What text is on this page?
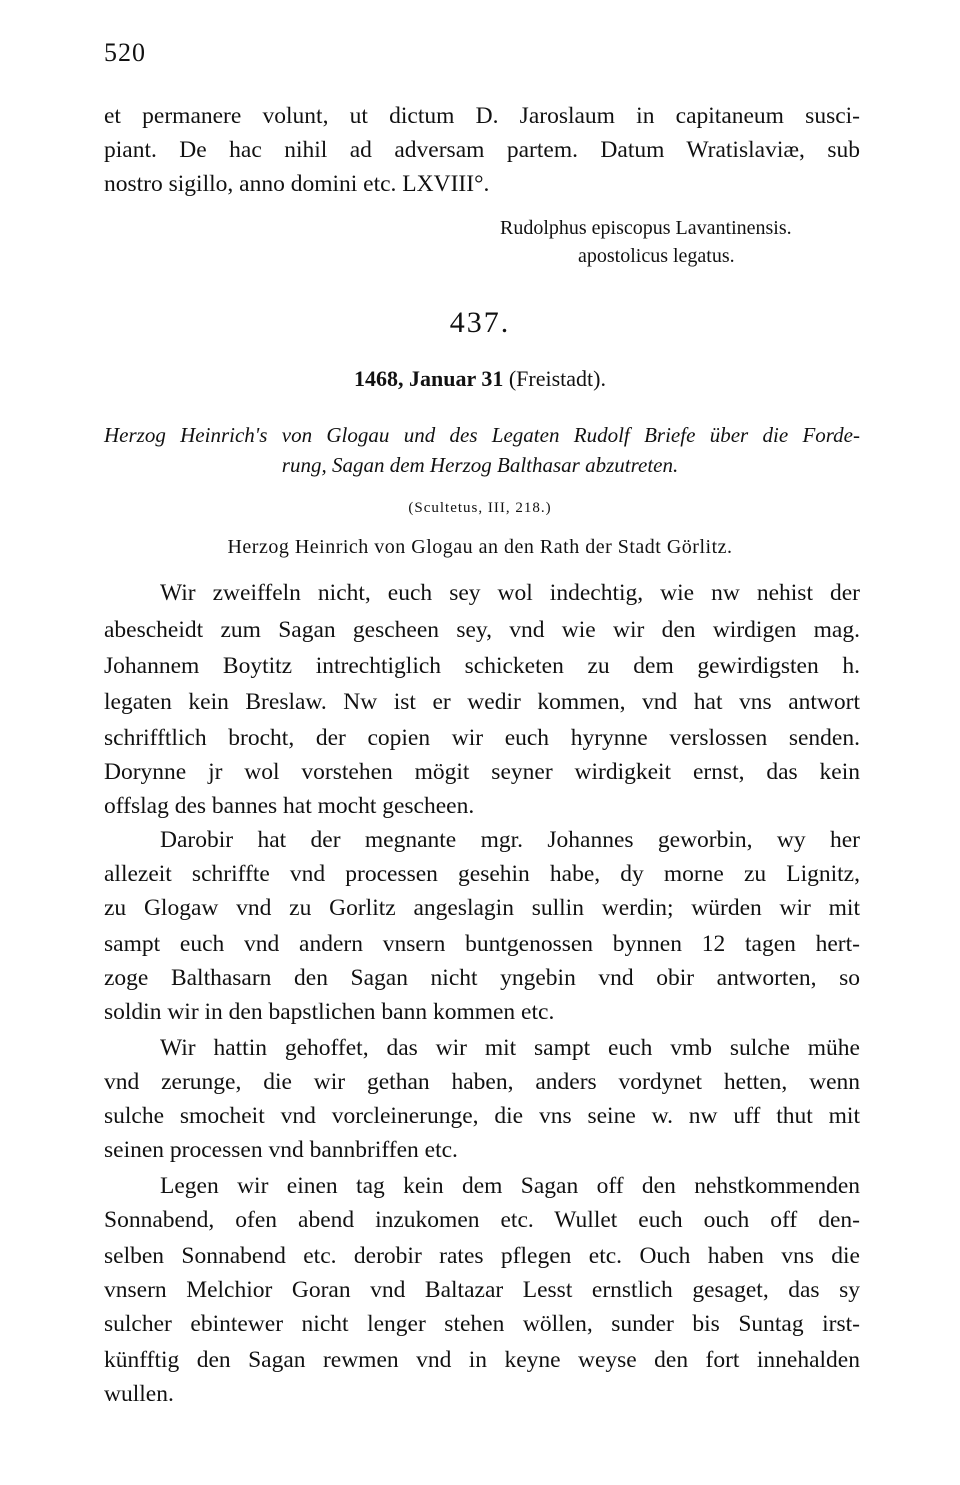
520
et permanere volunt, ut dictum D. Jaroslaum in capitaneum susci-
piant. De hac nihil ad adversam partem. Datum Wratislaviæ, sub
nostro sigillo, anno domini etc. LXVIII°.
Rudolphus episcopus Lavantinensis.
apostolicus legatus.
437.
1468, Januar 31 (Freistadt).
Herzog Heinrich's von Glogau und des Legaten Rudolf Briefe über die Forde-
rung, Sagan dem Herzog Balthasar abzutreten.
(Scultetus, III, 218.)
Herzog Heinrich von Glogau an den Rath der Stadt Görlitz.
Wir zweiffeln nicht, euch sey wol indechtig, wie nw nehist der
abescheidt zum Sagan gescheen sey, vnd wie wir den wirdigen mag.
Johannem Boytitz intrechtiglich schicketen zu dem gewirdigsten h.
legaten kein Breslaw. Nw ist er wedir kommen, vnd hat vns antwort
schrifftlich brocht, der copien wir euch hyrynne verslossen senden.
Dorynne jr wol vorstehen mögit seyner wirdigkeit ernst, das kein
offslag des bannes hat mocht gescheen.
Darobir hat der megnante mgr. Johannes geworbin, wy her
allezeit schriffte vnd processen gesehin habe, dy morne zu Lignitz,
zu Glogaw vnd zu Gorlitz angeslagin sullin werdin; würden wir mit
sampt euch vnd andern vnsern buntgenossen bynnen 12 tagen hert-
zoge Balthasarn den Sagan nicht yngebin vnd obir antworten, so
soldin wir in den bapstlichen bann kommen etc.
Wir hattin gehoffet, das wir mit sampt euch vmb sulche mühe
vnd zerunge, die wir gethan haben, anders vordynet hetten, wenn
sulche smocheit vnd vorcleinerunge, die vns seine w. nw uff thut mit
seinen processen vnd bannbriffen etc.
Legen wir einen tag kein dem Sagan off den nehstkommenden
Sonnabend, ofen abend inzukomen etc. Wullet euch ouch off den-
selben Sonnabend etc. derobir rates pflegen etc. Ouch haben vns die
vnsern Melchior Goran vnd Baltazar Lesst ernstlich gesaget, das sy
sulcher ebintewer nicht lenger stehen wöllen, sunder bis Suntag irst-
künfftig den Sagan rewmen vnd in keyne weyse den fort innehalden
wullen.
